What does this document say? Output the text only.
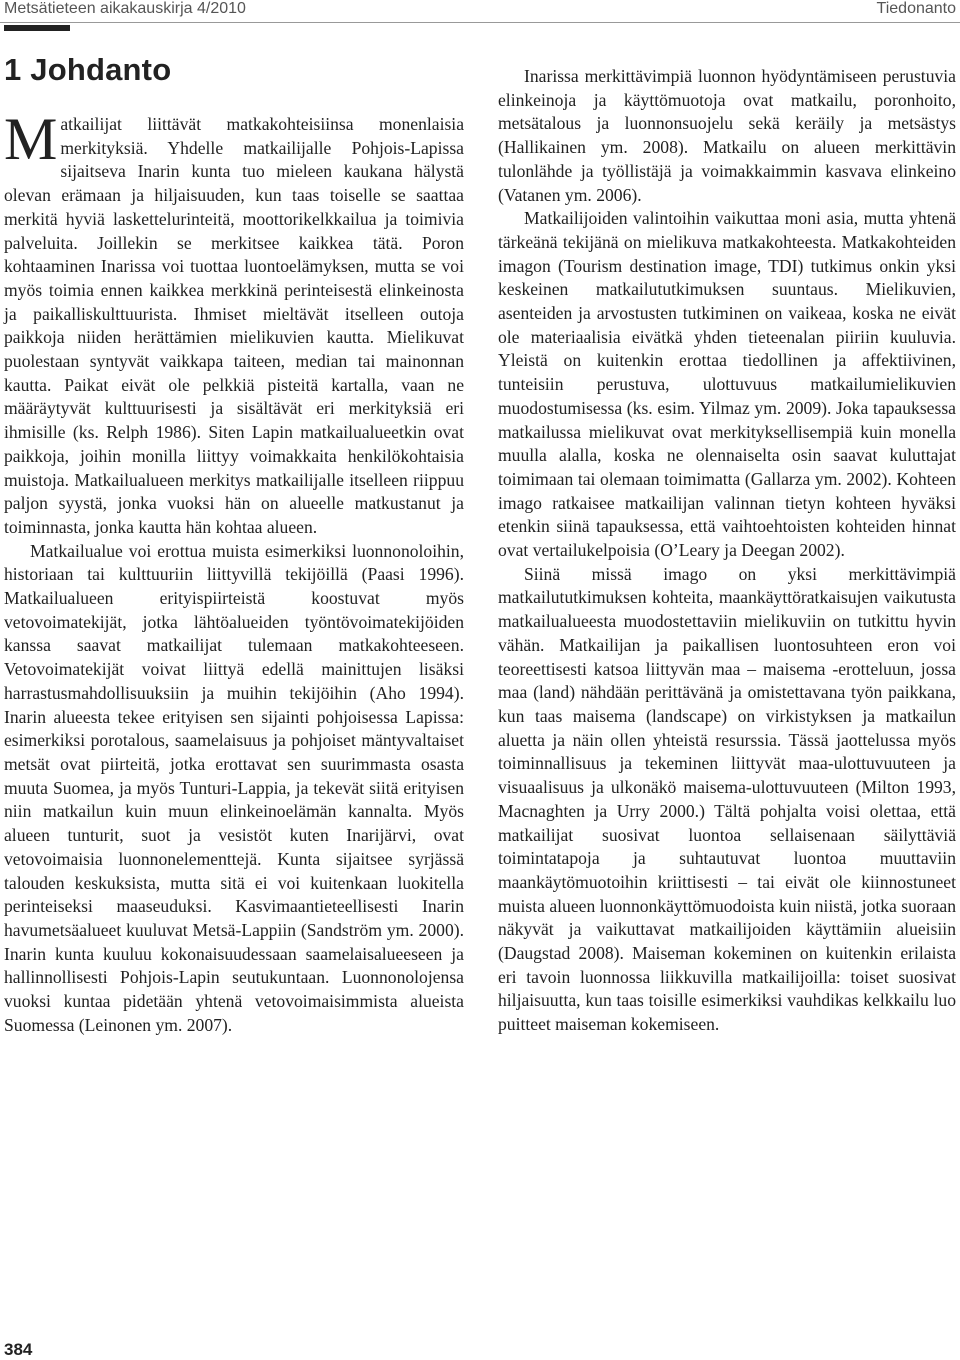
Metsätieteen aikakauskirja 4/2010	Tiedonanto
1 Johdanto

Matkailijat liittävät matkakohteisiinsa monenlaisia merkityksiä. Yhdelle matkailijalle Pohjois-Lapissa sijaitseva Inarin kunta tuo mieleen kaukana hälystä olevan erämaan ja hiljaisuuden, kun taas toiselle se saattaa merkitä hyviä laskettelurinteitä, moottorikelkkailua ja toimivia palveluita. Joillekin se merkitsee kaikkea tätä. Poron kohtaaminen Inarissa voi tuottaa luontoelämyksen, mutta se voi myös toimia ennen kaikkea merkkinä perinteisestä elinkeinosta ja paikalliskulttuurista. Ihmiset mieltävät itselleen outoja paikkoja niiden herättämien mielikuvien kautta. Mielikuvat puolestaan syntyvät vaikkapa taiteen, median tai mainonnan kautta. Paikat eivät ole pelkkiä pisteitä kartalla, vaan ne määräytyvät kulttuurisesti ja sisältävät eri merkityksiä eri ihmisille (ks. Relph 1986). Siten Lapin matkailualueetkin ovat paikkoja, joihin monilla liittyy voimakkaita henkilökohtaisia muistoja. Matkailualueen merkitys matkailijalle itselleen riippuu paljon syystä, jonka vuoksi hän on alueelle matkustanut ja toiminnasta, jonka kautta hän kohtaa alueen.

Matkailualue voi erottua muista esimerkiksi luonnonoloihin, historiaan tai kulttuuriin liittyvillä tekijöillä (Paasi 1996). Matkailualueen erityispiirteistä koostuvat myös vetovoimatekijät, jotka lähtöalueiden työntövoimatekijöiden kanssa saavat matkailijat tulemaan matkakohteeseen. Vetovoimatekijät voivat liittyä edellä mainittujen lisäksi harrastusmahdollisuuksiin ja muihin tekijöihin (Aho 1994). Inarin alueesta tekee erityisen sen sijainti pohjoisessa Lapissa: esimerkiksi porotalous, saamelaisuus ja pohjoiset mäntyvaltaiset metsät ovat piirteitä, jotka erottavat sen suurimmasta osasta muuta Suomea, ja myös Tunturi-Lappia, ja tekevät siitä erityisen niin matkailun kuin muun elinkeinoelämän kannalta. Myös alueen tunturit, suot ja vesistöt kuten Inarijärvi, ovat vetovoimaisia luonnonelementtejä. Kunta sijaitsee syrjässä talouden keskuksista, mutta sitä ei voi kuitenkaan luokitella perinteiseksi maaseuduksi. Kasvimaantieteellisesti Inarin havumetsäalueet kuuluvat Metsä-Lappiin (Sandström ym. 2000). Inarin kunta kuuluu kokonaisuudessaan saamelaisalueeseen ja hallinnollisesti Pohjois-Lapin seutukuntaan. Luonnonolojensa vuoksi kuntaa pidetään yhtenä vetovoimaisimmista alueista Suomessa (Leinonen ym. 2007).

Inarissa merkittävimpiä luonnon hyödyntämiseen perustuvia elinkeinoja ja käyttömuotoja ovat matkailu, poronhoito, metsätalous ja luonnonsuojelu sekä keräily ja metsästys (Hallikainen ym. 2008). Matkailu on alueen merkittävin tulonlähde ja työllistäjä ja voimakkaimmin kasvava elinkeino (Vatanen ym. 2006).

Matkailijoiden valintoihin vaikuttaa moni asia, mutta yhtenä tärkeänä tekijänä on mielikuva matkakohteesta. Matkakohteiden imagon (Tourism destination image, TDI) tutkimus onkin yksi keskeinen matkailututkimuksen suuntaus. Mielikuvien, asenteiden ja arvostusten tutkiminen on vaikeaa, koska ne eivät ole materiaalisia eivätkä yhden tieteenalan piiriin kuuluvia. Yleistä on kuitenkin erottaa tiedollinen ja affektiivinen, tunteisiin perustuva, ulottuvuus matkailumielikuvien muodostumisessa (ks. esim. Yilmaz ym. 2009). Joka tapauksessa matkailussa mielikuvat ovat merkityksellisempiä kuin monella muulla alalla, koska ne olennaiselta osin saavat kuluttajat toimimaan tai olemaan toimimatta (Gallarza ym. 2002). Kohteen imago ratkaisee matkailijan valinnan tietyn kohteen hyväksi etenkin siinä tapauksessa, että vaihtoehtoisten kohteiden hinnat ovat vertailukelpoisia (O’Leary ja Deegan 2002).

Siinä missä imago on yksi merkittävimpiä matkailututkimuksen kohteita, maankäyttöratkaisujen vaikutusta matkailualueesta muodostettaviin mielikuviin on tutkittu hyvin vähän. Matkailijan ja paikallisen luontosuhteen eron voi teoreettisesti katsoa liittyvän maa – maisema -erotteluun, jossa maa (land) nähdään perittävänä ja omistettavana työn paikkana, kun taas maisema (landscape) on virkistyksen ja matkailun aluetta ja näin ollen yhteistä resurssia. Tässä jaottelussa myös toiminnallisuus ja tekeminen liittyvät maa-ulottuvuuteen ja visuaalisuus ja ulkonäkö maisema-ulottuvuuteen (Milton 1993, Macnaghten ja Urry 2000.) Tältä pohjalta voisi olettaa, että matkailijat suosivat luontoa sellaisenaan säilyttäviä toimintatapoja ja suhtautuvat luontoa muuttaviin maankäytömuotoihin kriittisesti – tai eivät ole kiinnostuneet muista alueen luonnonkäyttömuodoista kuin niistä, jotka suoraan näkyvät ja vaikuttavat matkailijoiden käyttämiin alueisiin (Daugstad 2008). Maiseman kokeminen on kuitenkin erilaista eri tavoin luonnossa liikkuvilla matkailijoilla: toiset suosivat hiljaisuutta, kun taas toisille esimerkiksi vauhdikas kelkkailu luo puitteet maiseman kokemiseen.

384
